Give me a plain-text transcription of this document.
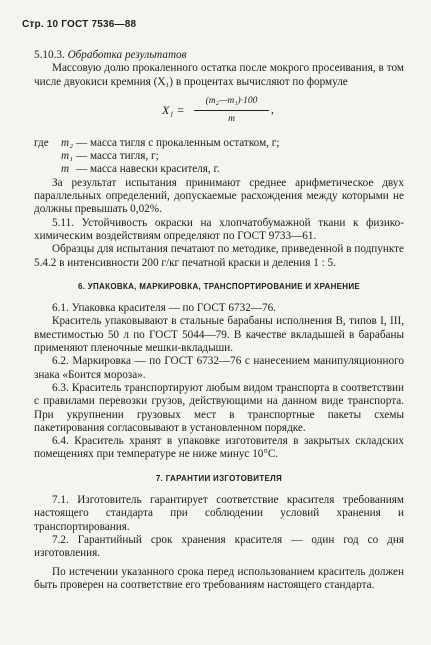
Стр. 10 ГОСТ 7536—88

5.10.3. Обработка результатов

Массовую долю прокаленного остатка после мокрого просеивания, в том числе двуокиси кремния (X₁) в процентах вычисляют по формуле

$X_1 = \frac{\text{(m₂—m₁)·100}}{m}$ ,
где m₂ — масса тигля с прокаленным остатком, г;
m₁ — масса тигля, г;
m — масса навески красителя, г.

За результат испытания принимают среднее арифметическое двух параллельных определений, допускаемые расхождения между которыми не должны превышать 0,02%.

5.11. Устойчивость окраски на хлопчатобумажной ткани к физико-химическим воздействиям определяют по ГОСТ 9733—61.

Образцы для испытания печатают по методике, приведенной в подпункте 5.4.2 в интенсивности 200 г/кг печатной краски и деления 1 : 5.

6. УПАКОВКА, МАРКИРОВКА, ТРАНСПОРТИРОВАНИЕ И ХРАНЕНИЕ

6.1. Упаковка красителя — по ГОСТ 6732—76.

Краситель упаковывают в стальные барабаны исполнения В, типов I, III, вместимостью 50 л по ГОСТ 5044—79. В качестве вкладышей в барабаны применяют пленочные мешки-вкладыши.

6.2. Маркировка — по ГОСТ 6732—76 с нанесением манипуляционного знака «Боится мороза».

6.3. Краситель транспортируют любым видом транспорта в соответствии с правилами перевозки грузов, действующими на данном виде транспорта. При укрупнении грузовых мест в транспортные пакеты схемы пакетирования согласовывают в установленном порядке.

6.4. Краситель хранят в упаковке изготовителя в закрытых складских помещениях при температуре не ниже минус 10°С.

7. ГАРАНТИИ ИЗГОТОВИТЕЛЯ

7.1. Изготовитель гарантирует соответствие красителя требованиям настоящего стандарта при соблюдении условий хранения и транспортирования.

7.2. Гарантийный срок хранения красителя — один год со дня изготовления.

По истечении указанного срока перед использованием краситель должен быть проверен на соответствие его требованиям настоящего стандарта.
